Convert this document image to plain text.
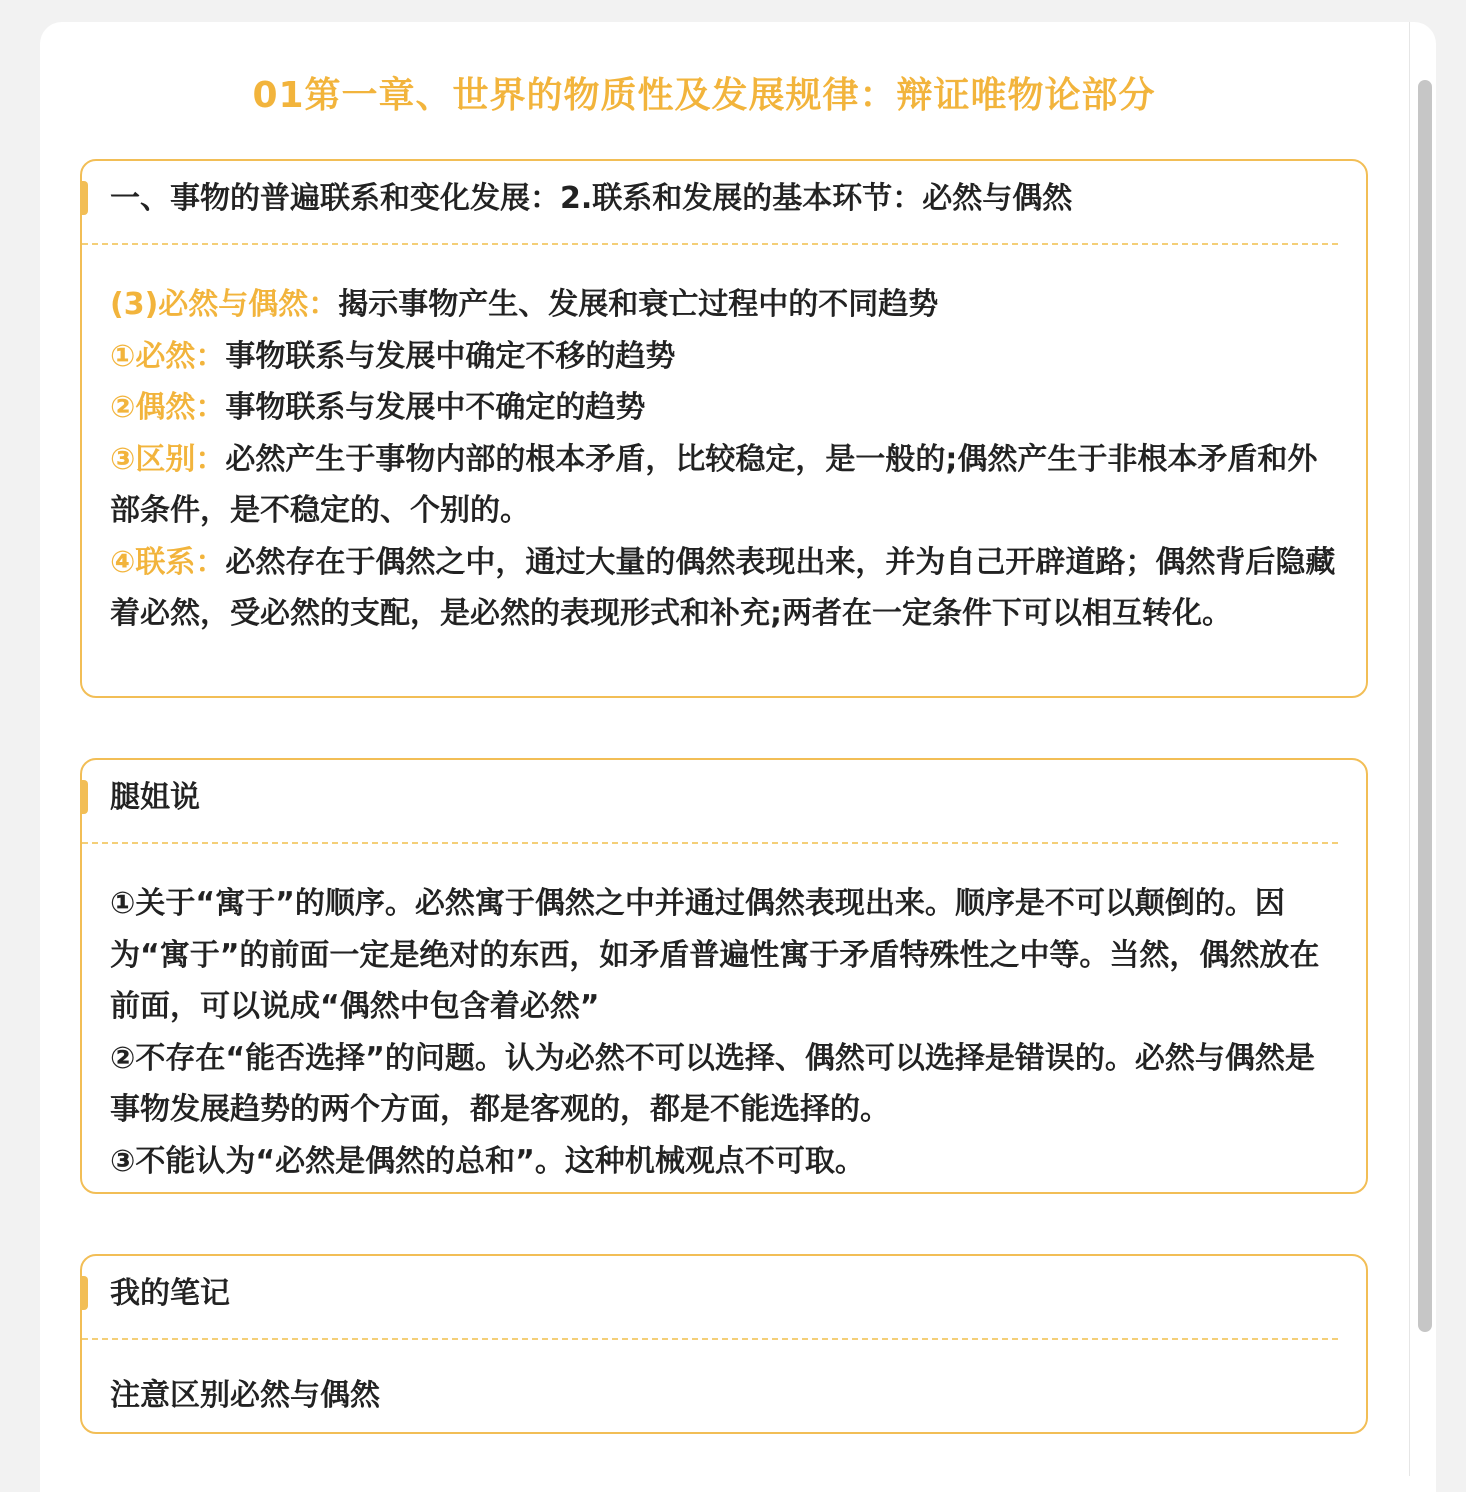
01第一章、世界的物质性及发展规律：辩证唯物论部分
一、事物的普遍联系和变化发展：2.联系和发展的基本环节：必然与偶然
(3)必然与偶然：揭示事物产生、发展和衰亡过程中的不同趋势
①必然：事物联系与发展中确定不移的趋势
②偶然：事物联系与发展中不确定的趋势
③区别：必然产生于事物内部的根本矛盾，比较稳定，是一般的;偶然产生于非根本矛盾和外部条件，是不稳定的、个别的。
④联系：必然存在于偶然之中，通过大量的偶然表现出来，并为自己开辟道路；偶然背后隐藏着必然，受必然的支配，是必然的表现形式和补充;两者在一定条件下可以相互转化。
腿姐说
①关于“寓于”的顺序。必然寓于偶然之中并通过偶然表现出来。顺序是不可以颠倒的。因为“寓于”的前面一定是绝对的东西，如矛盾普遍性寓于矛盾特殊性之中等。当然，偶然放在前面，可以说成“偶然中包含着必然”
②不存在“能否选择”的问题。认为必然不可以选择、偶然可以选择是错误的。必然与偶然是事物发展趋势的两个方面，都是客观的，都是不能选择的。
③不能认为“必然是偶然的总和”。这种机械观点不可取。
我的笔记
注意区别必然与偶然
